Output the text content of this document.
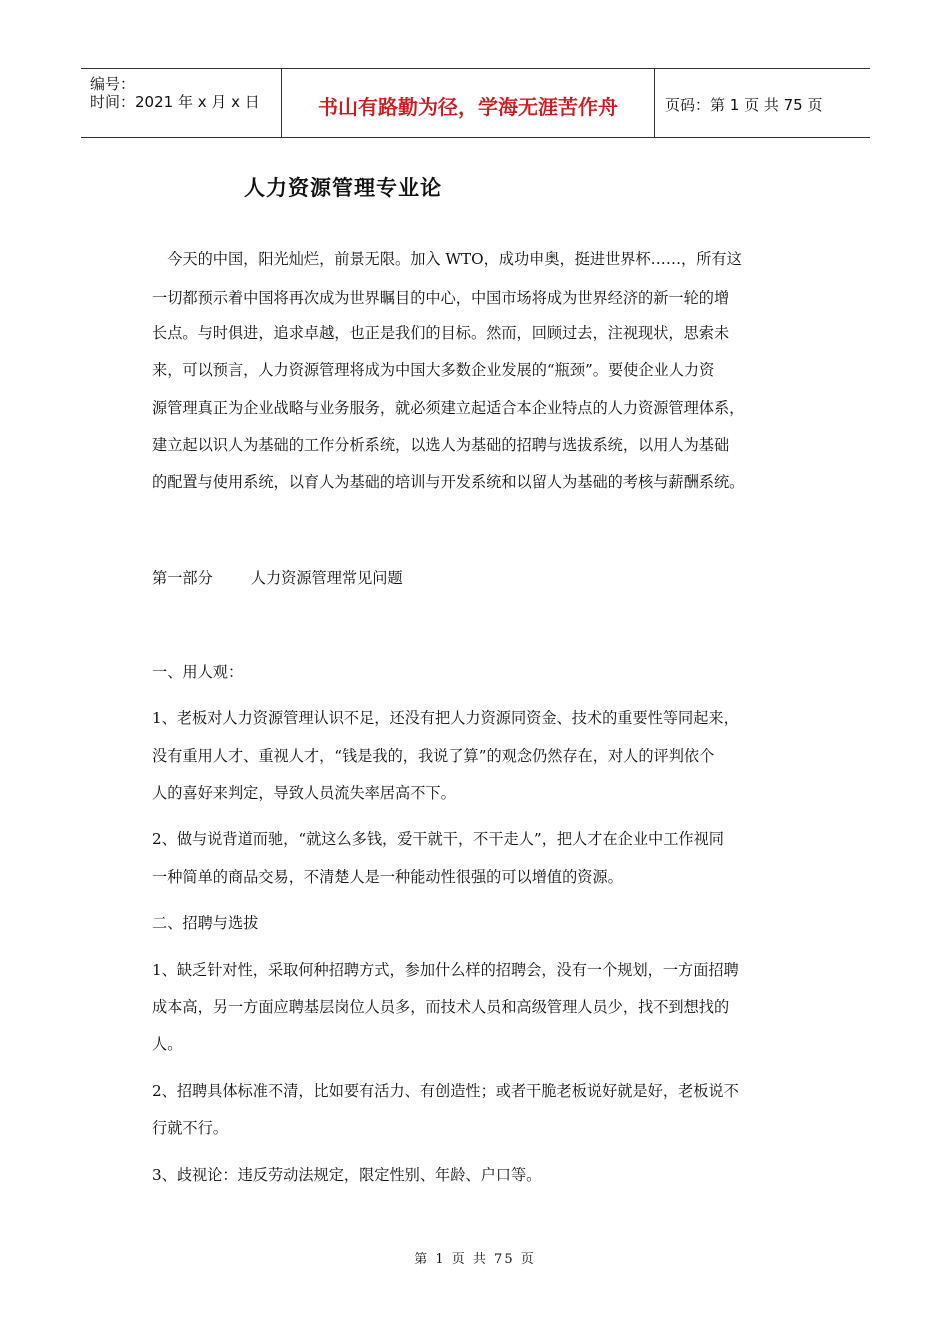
编号：
时间：2021 年 x 月 x 日	书山有路勤为径，学海无涯苦作舟	页码：第 1 页 共 75 页
人力资源管理专业论
　今天的中国，阳光灿烂，前景无限。加入 WTO，成功申奥，挺进世界杯……，所有这
一切都预示着中国将再次成为世界瞩目的中心，中国市场将成为世界经济的新一轮的增
长点。与时俱进，追求卓越，也正是我们的目标。然而，回顾过去，注视现状，思索未
来，可以预言，人力资源管理将成为中国大多数企业发展的“瓶颈”。要使企业人力资
源管理真正为企业战略与业务服务，就必须建立起适合本企业特点的人力资源管理体系，
建立起以识人为基础的工作分析系统，以选人为基础的招聘与选拔系统，以用人为基础
的配置与使用系统，以育人为基础的培训与开发系统和以留人为基础的考核与薪酬系统。
第一部分	人力资源管理常见问题
一、用人观：
1、老板对人力资源管理认识不足，还没有把人力资源同资金、技术的重要性等同起来，
没有重用人才、重视人才，“钱是我的，我说了算”的观念仍然存在，对人的评判依个
人的喜好来判定，导致人员流失率居高不下。
2、做与说背道而驰，“就这么多钱，爱干就干，不干走人”，把人才在企业中工作视同
一种简单的商品交易，不清楚人是一种能动性很强的可以增值的资源。
二、招聘与选拔
1、缺乏针对性，采取何种招聘方式，参加什么样的招聘会，没有一个规划，一方面招聘
成本高，另一方面应聘基层岗位人员多，而技术人员和高级管理人员少，找不到想找的
人。
2、招聘具体标准不清，比如要有活力、有创造性；或者干脆老板说好就是好，老板说不
行就不行。
3、歧视论：违反劳动法规定，限定性别、年龄、户口等。
第 1 页 共 75 页
